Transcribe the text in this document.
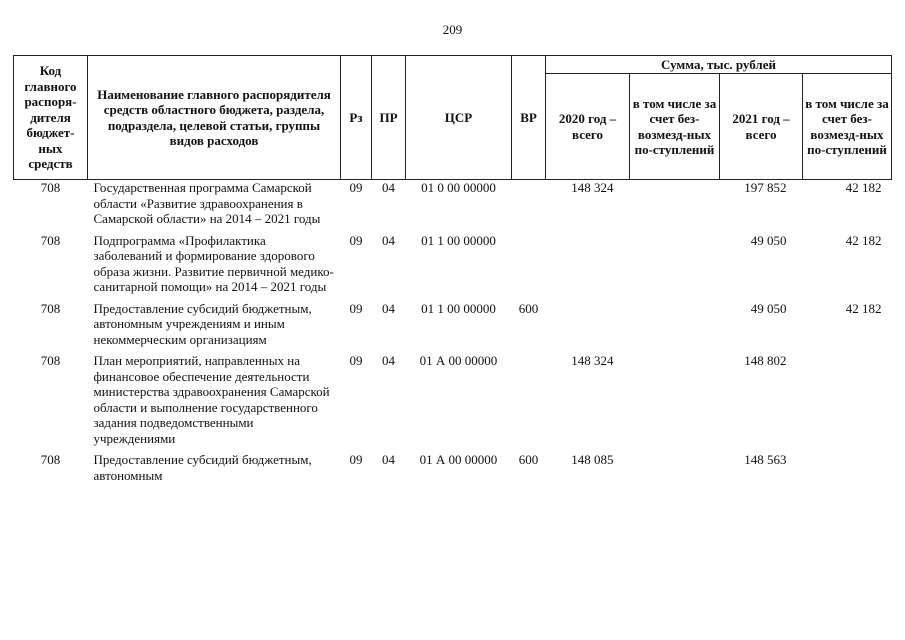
209
Код главного распоря-дителя бюджет-ных средств	Наименование главного распорядителя средств областного бюджета, раздела, подраздела, целевой статьи, группы видов расходов	Рз	ПР	ЦСР	ВР	Сумма, тыс. рублей			
						2020 год – всего	в том числе за счет без-возмезд-ных по-ступлений	2021 год – всего	в том числе за счет без-возмезд-ных по-ступлений
708	Государственная программа Самарской области «Развитие здравоохранения в Самарской области» на 2014 – 2021 годы	09	04	01 0 00 00000		148 324		197 852	42 182
708	Подпрограмма «Профилактика заболеваний и формирование здорового образа жизни. Развитие первичной медико-санитарной помощи» на 2014 – 2021 годы	09	04	01 1 00 00000				49 050	42 182
708	Предоставление субсидий бюджетным, автономным учреждениям и иным некоммерческим организациям	09	04	01 1 00 00000	600			49 050	42 182
708	План мероприятий, направленных на финансовое обеспечение деятельности министерства здравоохранения Самарской области и выполнение государственного задания подведомственными учреждениями	09	04	01 А 00 00000		148 324		148 802	
708	Предоставление субсидий бюджетным, автономным	09	04	01 А 00 00000	600	148 085		148 563	
